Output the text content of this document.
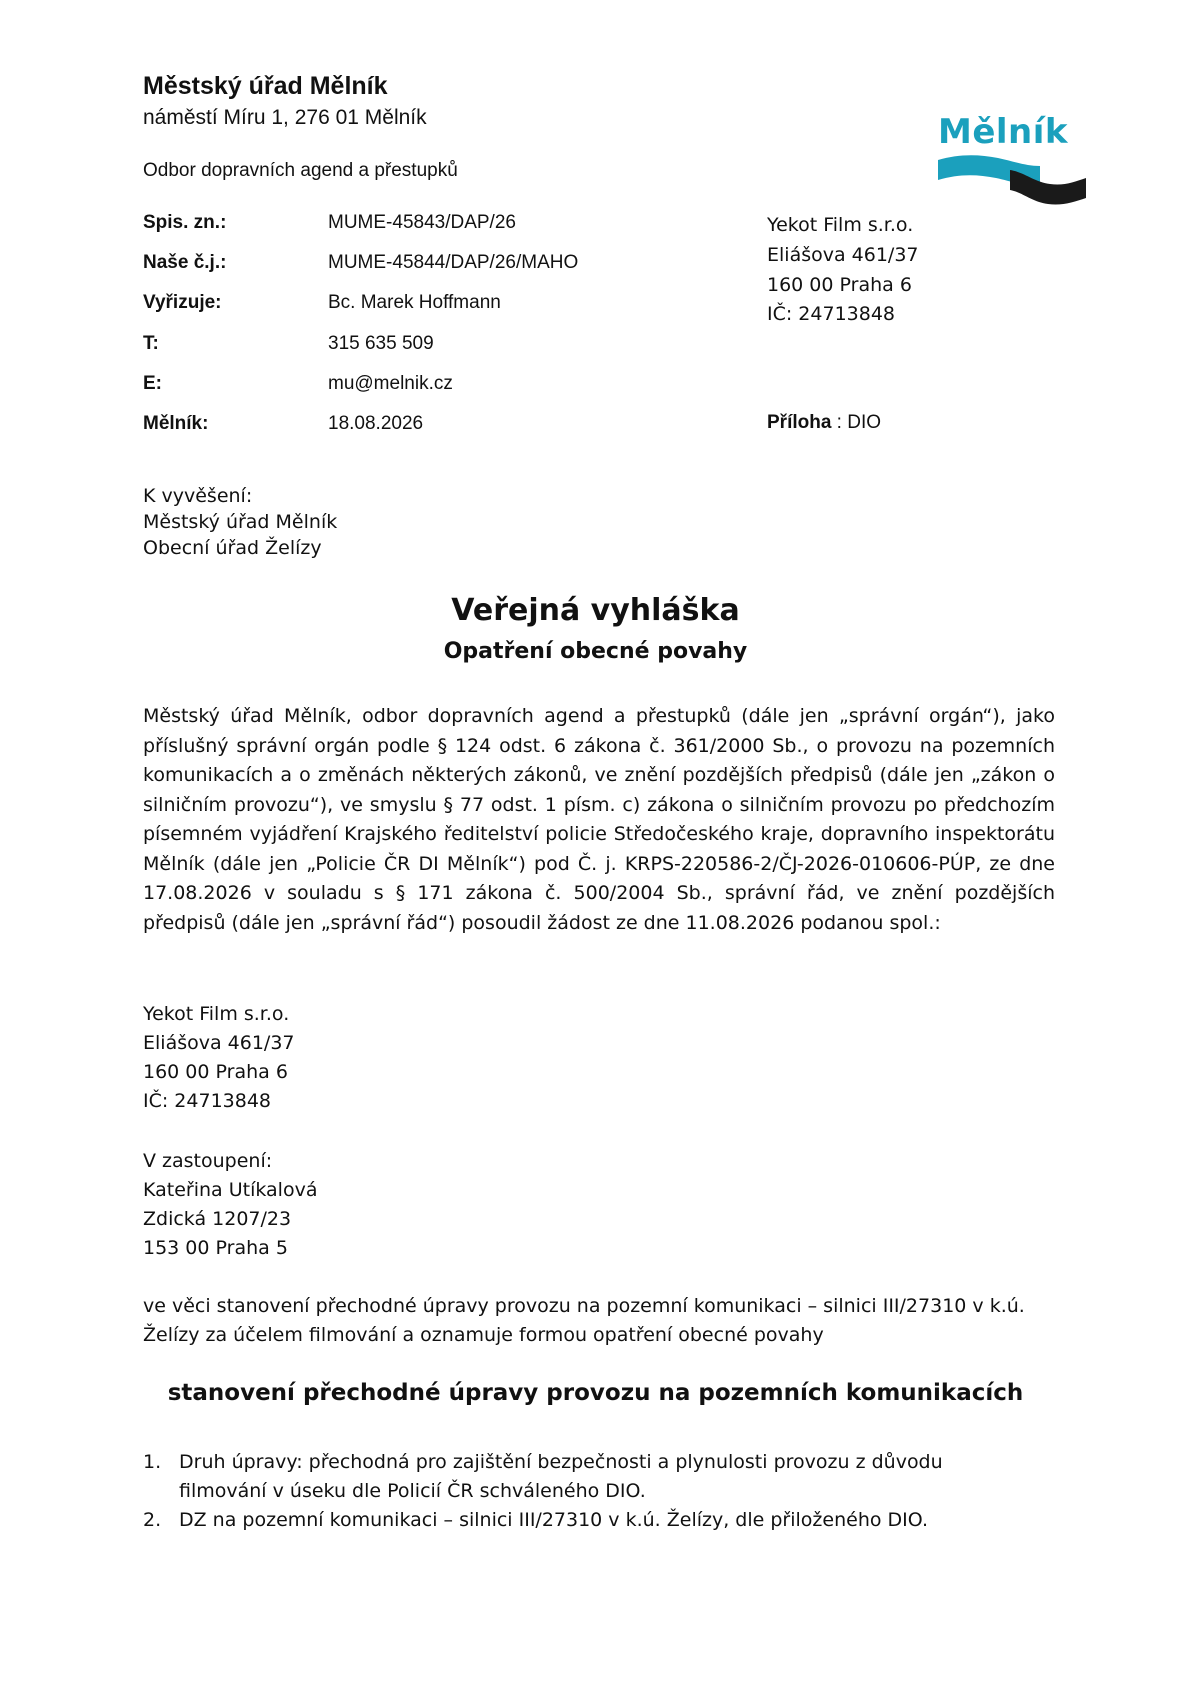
Městský úřad Mělník
náměstí Míru 1, 276 01 Mělník
Odbor dopravních agend a přestupků
Mělník
Spis. zn.:	MUME-45843/DAP/26
Naše č.j.:	MUME-45844/DAP/26/MAHO
Vyřizuje:	Bc. Marek Hoffmann
T:	315 635 509
E:	mu@melnik.cz
Mělník:	18.08.2026
Yekot Film s.r.o.
Eliášova 461/37
160 00 Praha 6
IČ: 24713848
Příloha : DIO
K vyvěšení:
Městský úřad Mělník
Obecní úřad Želízy
Veřejná vyhláška
Opatření obecné povahy
Městský úřad Mělník, odbor dopravních agend a přestupků (dále jen „správní orgán“), jako příslušný správní orgán podle § 124 odst. 6 zákona č. 361/2000 Sb., o provozu na pozemních komunikacích a o změnách některých zákonů, ve znění pozdějších předpisů (dále jen „zákon o silničním provozu“), ve smyslu § 77 odst. 1 písm. c) zákona o silničním provozu po předchozím písemném vyjádření Krajského ředitelství policie Středočeského kraje, dopravního inspektorátu Mělník (dále jen „Policie ČR DI Mělník“) pod Č. j. KRPS-220586-2/ČJ-2026-010606-PÚP, ze dne 17.08.2026 v souladu s § 171 zákona č. 500/2004 Sb., správní řád, ve znění pozdějších předpisů (dále jen „správní řád“) posoudil žádost ze dne 11.08.2026 podanou spol.:
Yekot Film s.r.o.
Eliášova 461/37
160 00 Praha 6
IČ: 24713848
V zastoupení:
Kateřina Utíkalová
Zdická 1207/23
153 00 Praha 5
ve věci stanovení přechodné úpravy provozu na pozemní komunikaci – silnici III/27310 v k.ú.
Želízy za účelem filmování a oznamuje formou opatření obecné povahy
stanovení přechodné úpravy provozu na pozemních komunikacích
1. Druh úpravy: přechodná pro zajištění bezpečnosti a plynulosti provozu z důvodu
filmování v úseku dle Policií ČR schváleného DIO.
2. DZ na pozemní komunikaci – silnici III/27310 v k.ú. Želízy, dle přiloženého DIO.
